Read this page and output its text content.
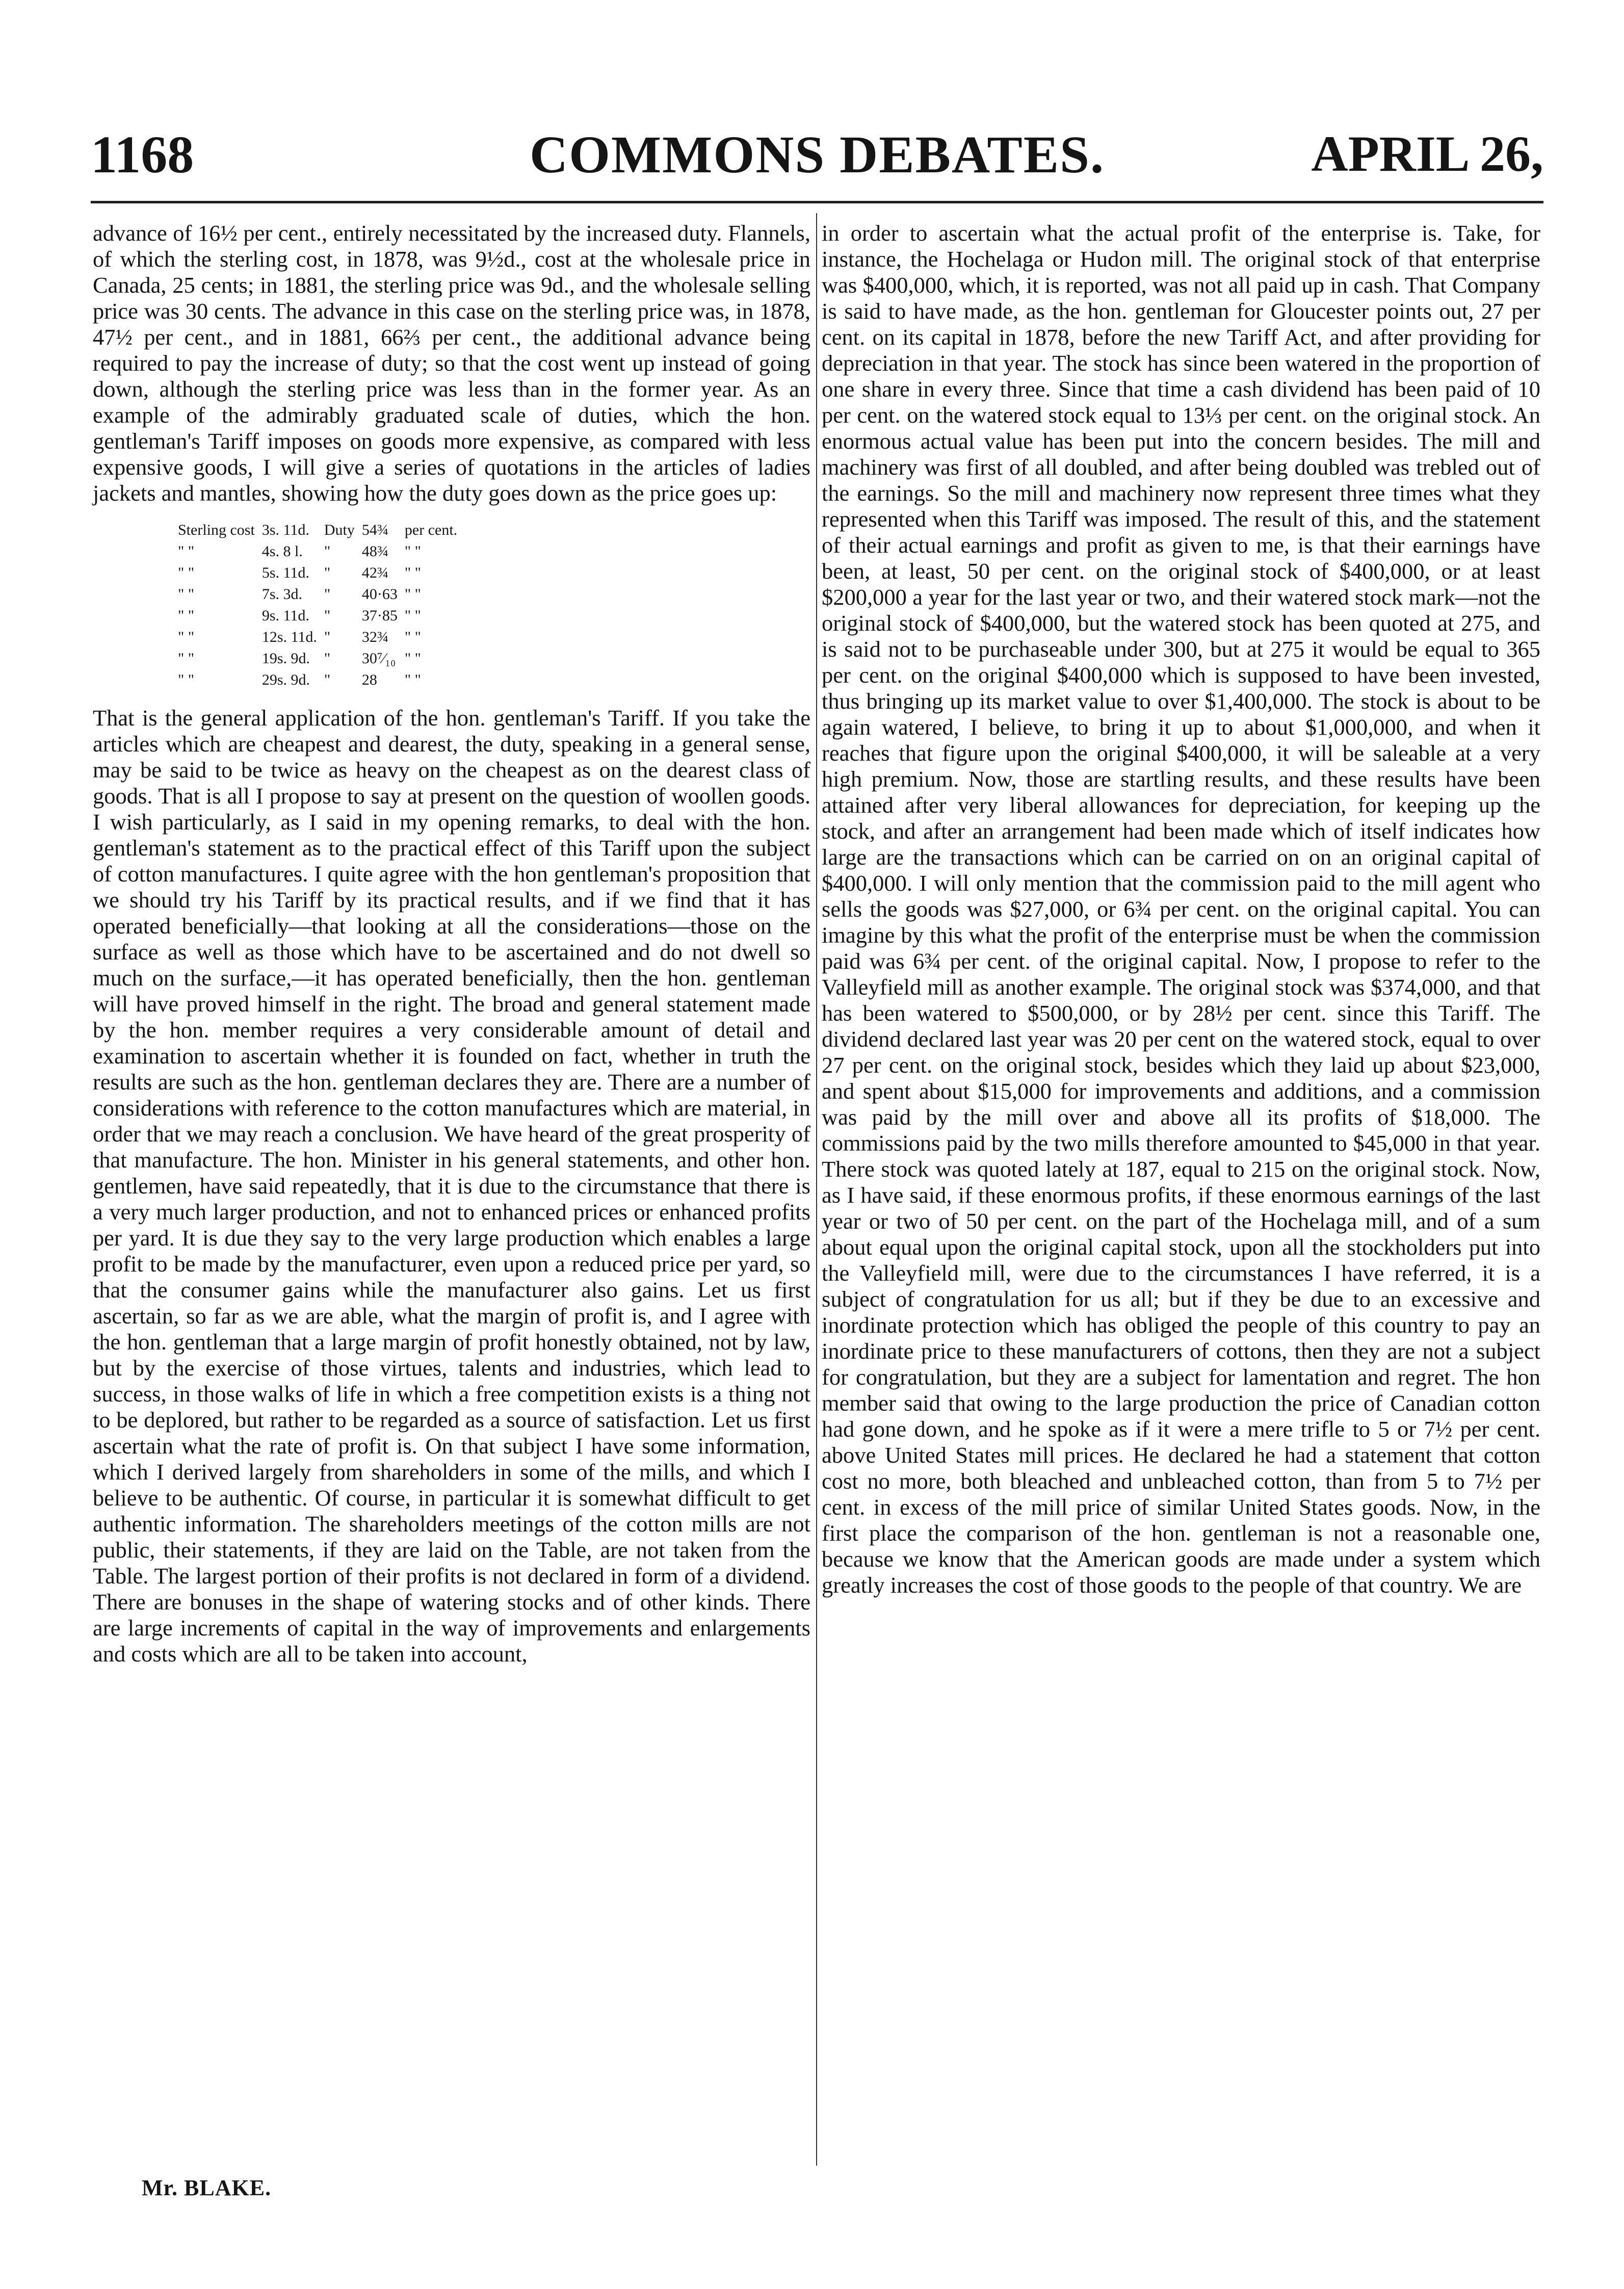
COMMONS DEBATES.
1168	APRIL 26,

advance of 16½ per cent., entirely necessitated by the increased duty. Flannels, of which the sterling cost, in 1878, was 9½d., cost at the wholesale price in Canada, 25 cents; in 1881, the sterling price was 9d., and the wholesale selling price was 30 cents. The advance in this case on the sterling price was, in 1878, 47½ per cent., and in 1881, 66⅔ per cent., the additional advance being required to pay the increase of duty; so that the cost went up instead of going down, although the sterling price was less than in the former year. As an example of the admirably graduated scale of duties, which the hon. gentleman's Tariff imposes on goods more expensive, as compared with less expensive goods, I will give a series of quotations in the articles of ladies jackets and mantles, showing how the duty goes down as the price goes up:

Sterling cost	3s. 11d.	Duty	54¾	per cent.
" "	4s. 8 l.	"	48¾	" "
" "	5s. 11d.	"	42¾	" "
" "	7s. 3d.	"	40·63	" "
" "	9s. 11d.	"	37·85	" "
" "	12s. 11d.	"	32¾	" "
" "	19s. 9d.	"	30⁷⁄₁₀	" "
" "	29s. 9d.	"	28	" "

That is the general application of the hon. gentleman's Tariff. If you take the articles which are cheapest and dearest, the duty, speaking in a general sense, may be said to be twice as heavy on the cheapest as on the dearest class of goods. That is all I propose to say at present on the question of woollen goods. I wish particularly, as I said in my opening remarks, to deal with the hon. gentleman's statement as to the practical effect of this Tariff upon the subject of cotton manufactures. I quite agree with the hon gentleman's proposition that we should try his Tariff by its practical results, and if we find that it has operated beneficially—that looking at all the considerations—those on the surface as well as those which have to be ascertained and do not dwell so much on the surface,—it has operated beneficially, then the hon. gentleman will have proved himself in the right. The broad and general statement made by the hon. member requires a very considerable amount of detail and examination to ascertain whether it is founded on fact, whether in truth the results are such as the hon. gentleman declares they are. There are a number of considerations with reference to the cotton manufactures which are material, in order that we may reach a conclusion. We have heard of the great prosperity of that manufacture. The hon. Minister in his general statements, and other hon. gentlemen, have said repeatedly, that it is due to the circumstance that there is a very much larger production, and not to enhanced prices or enhanced profits per yard. It is due they say to the very large production which enables a large profit to be made by the manufacturer, even upon a reduced price per yard, so that the consumer gains while the manufacturer also gains. Let us first ascertain, so far as we are able, what the margin of profit is, and I agree with the hon. gentleman that a large margin of profit honestly obtained, not by law, but by the exercise of those virtues, talents and industries, which lead to success, in those walks of life in which a free competition exists is a thing not to be deplored, but rather to be regarded as a source of satisfaction. Let us first ascertain what the rate of profit is. On that subject I have some information, which I derived largely from shareholders in some of the mills, and which I believe to be authentic. Of course, in particular it is somewhat difficult to get authentic information. The shareholders meetings of the cotton mills are not public, their statements, if they are laid on the Table, are not taken from the Table. The largest portion of their profits is not declared in form of a dividend. There are bonuses in the shape of watering stocks and of other kinds. There are large increments of capital in the way of improvements and enlargements and costs which are all to be taken into account,

in order to ascertain what the actual profit of the enterprise is. Take, for instance, the Hochelaga or Hudon mill. The original stock of that enterprise was $400,000, which, it is reported, was not all paid up in cash. That Company is said to have made, as the hon. gentleman for Gloucester points out, 27 per cent. on its capital in 1878, before the new Tariff Act, and after providing for depreciation in that year. The stock has since been watered in the proportion of one share in every three. Since that time a cash dividend has been paid of 10 per cent. on the watered stock equal to 13⅓ per cent. on the original stock. An enormous actual value has been put into the concern besides. The mill and machinery was first of all doubled, and after being doubled was trebled out of the earnings. So the mill and machinery now represent three times what they represented when this Tariff was imposed. The result of this, and the statement of their actual earnings and profit as given to me, is that their earnings have been, at least, 50 per cent. on the original stock of $400,000, or at least $200,000 a year for the last year or two, and their watered stock mark—not the original stock of $400,000, but the watered stock has been quoted at 275, and is said not to be purchaseable under 300, but at 275 it would be equal to 365 per cent. on the original $400,000 which is supposed to have been invested, thus bringing up its market value to over $1,400,000. The stock is about to be again watered, I believe, to bring it up to about $1,000,000, and when it reaches that figure upon the original $400,000, it will be saleable at a very high premium. Now, those are startling results, and these results have been attained after very liberal allowances for depreciation, for keeping up the stock, and after an arrangement had been made which of itself indicates how large are the transactions which can be carried on on an original capital of $400,000. I will only mention that the commission paid to the mill agent who sells the goods was $27,000, or 6¾ per cent. on the original capital. You can imagine by this what the profit of the enterprise must be when the commission paid was 6¾ per cent. of the original capital. Now, I propose to refer to the Valleyfield mill as another example. The original stock was $374,000, and that has been watered to $500,000, or by 28½ per cent. since this Tariff. The dividend declared last year was 20 per cent on the watered stock, equal to over 27 per cent. on the original stock, besides which they laid up about $23,000, and spent about $15,000 for improvements and additions, and a commission was paid by the mill over and above all its profits of $18,000. The commissions paid by the two mills therefore amounted to $45,000 in that year. There stock was quoted lately at 187, equal to 215 on the original stock. Now, as I have said, if these enormous profits, if these enormous earnings of the last year or two of 50 per cent. on the part of the Hochelaga mill, and of a sum about equal upon the original capital stock, upon all the stockholders put into the Valleyfield mill, were due to the circumstances I have referred, it is a subject of congratulation for us all; but if they be due to an excessive and inordinate protection which has obliged the people of this country to pay an inordinate price to these manufacturers of cottons, then they are not a subject for congratulation, but they are a subject for lamentation and regret. The hon member said that owing to the large production the price of Canadian cotton had gone down, and he spoke as if it were a mere trifle to 5 or 7½ per cent. above United States mill prices. He declared he had a statement that cotton cost no more, both bleached and unbleached cotton, than from 5 to 7½ per cent. in excess of the mill price of similar United States goods. Now, in the first place the comparison of the hon. gentleman is not a reasonable one, because we know that the American goods are made under a system which greatly increases the cost of those goods to the people of that country. We are

Mr. BLAKE.
